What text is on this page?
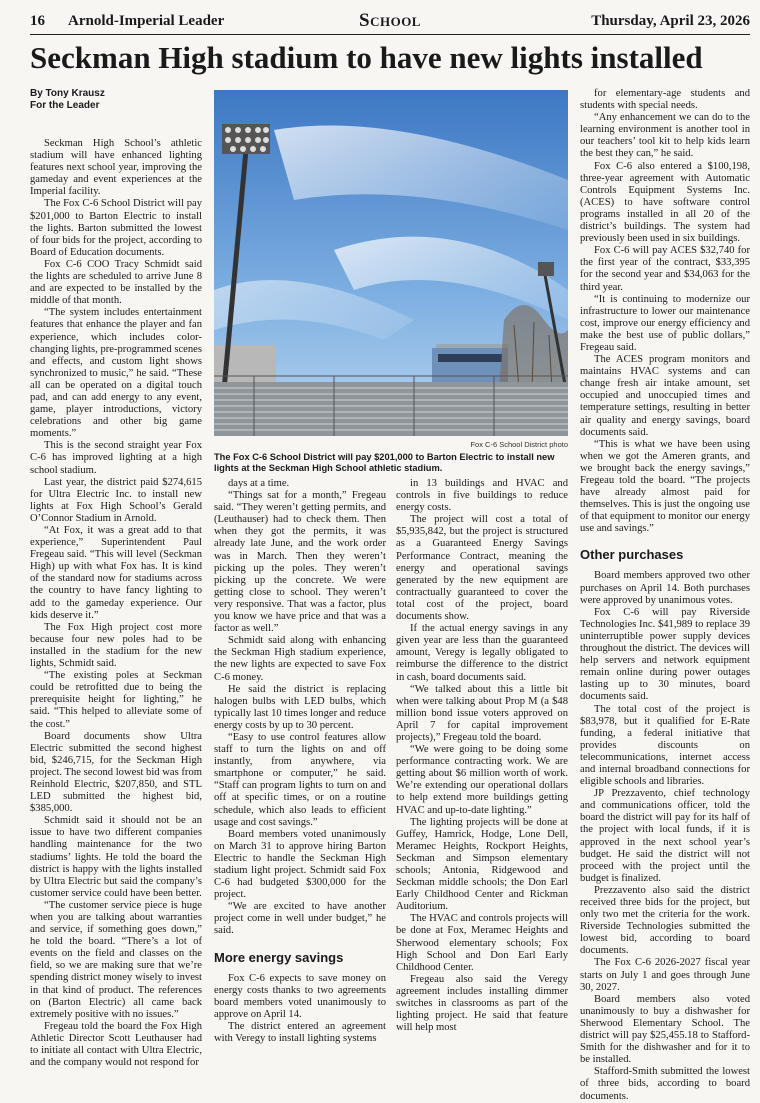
16 Arnold-Imperial Leader	School	Thursday, April 23, 2026
Seckman High stadium to have new lights installed
By Tony Krausz
For the Leader

Seckman High School’s athletic stadium will have enhanced lighting features next school year, improving the gameday and event experiences at the Imperial facility.

The Fox C-6 School District will pay $201,000 to Barton Electric to install the lights. Barton submitted the lowest of four bids for the project, according to Board of Education documents.

Fox C-6 COO Tracy Schmidt said the lights are scheduled to arrive June 8 and are expected to be installed by the middle of that month.

“The system includes entertainment features that enhance the player and fan experience, which includes color-changing lights, pre-programmed scenes and effects, and custom light shows synchronized to music,” he said. “These all can be operated on a digital touch pad, and can add energy to any event, game, player introductions, victory celebrations and other big game moments.”

This is the second straight year Fox C-6 has improved lighting at a high school stadium.

Last year, the district paid $274,615 for Ultra Electric Inc. to install new lights at Fox High School’s Gerald O’Connor Stadium in Arnold.

“At Fox, it was a great add to that experience,” Superintendent Paul Fregeau said. “This will level (Seckman High) up with what Fox has. It is kind of the standard now for stadiums across the country to have fancy lighting to add to the gameday experience. Our kids deserve it.”

The Fox High project cost more because four new poles had to be installed in the stadium for the new lights, Schmidt said.

“The existing poles at Seckman could be retrofitted due to being the prerequisite height for lighting,” he said. “This helped to alleviate some of the cost.”

Board documents show Ultra Electric submitted the second highest bid, $246,715, for the Seckman High project. The second lowest bid was from Reinhold Electric, $207,850, and STL LED submitted the highest bid, $385,000.

Schmidt said it should not be an issue to have two different companies handling maintenance for the two stadiums’ lights. He told the board the district is happy with the lights installed by Ultra Electric but said the company’s customer service could have been better.

“The customer service piece is huge when you are talking about warranties and service, if something goes down,” he told the board. “There’s a lot of events on the field and classes on the field, so we are making sure that we’re spending district money wisely to invest in that kind of product. The references on (Barton Electric) all came back extremely positive with no issues.”

Fregeau told the board the Fox High Athletic Director Scott Leuthauser had to initiate all contact with Ultra Electric, and the company would not respond for

Fox C-6 School District photo
The Fox C-6 School District will pay $201,000 to Barton Electric to install new lights at the Seckman High School athletic stadium.

days at a time.

“Things sat for a month,” Fregeau said. “They weren’t getting permits, and (Leuthauser) had to check them. Then when they got the permits, it was already late June, and the work order was in March. Then they weren’t picking up the poles. They weren’t picking up the concrete. We were getting close to school. They weren’t very responsive. That was a factor, plus you know we have price and that was a factor as well.”

Schmidt said along with enhancing the Seckman High stadium experience, the new lights are expected to save Fox C-6 money.

He said the district is replacing halogen bulbs with LED bulbs, which typically last 10 times longer and reduce energy costs by up to 30 percent.

“Easy to use control features allow staff to turn the lights on and off instantly, from anywhere, via smartphone or computer,” he said. “Staff can program lights to turn on and off at specific times, or on a routine schedule, which also leads to efficient usage and cost savings.”

Board members voted unanimously on March 31 to approve hiring Barton Electric to handle the Seckman High stadium light project. Schmidt said Fox C-6 had budgeted $300,000 for the project.

“We are excited to have another project come in well under budget,” he said.

More energy savings

Fox C-6 expects to save money on energy costs thanks to two agreements board members voted unanimously to approve on April 14.

The district entered an agreement with Veregy to install lighting systems

in 13 buildings and HVAC and controls in five buildings to reduce energy costs.

The project will cost a total of $5,935,842, but the project is structured as a Guaranteed Energy Savings Performance Contract, meaning the energy and operational savings generated by the new equipment are contractually guaranteed to cover the total cost of the project, board documents show.

If the actual energy savings in any given year are less than the guaranteed amount, Veregy is legally obligated to reimburse the difference to the district in cash, board documents said.

“We talked about this a little bit when were talking about Prop M (a $48 million bond issue voters approved on April 7 for capital improvement projects),” Fregeau told the board.

“We were going to be doing some performance contracting work. We are getting about $6 million worth of work. We’re extending our operational dollars to help extend more buildings getting HVAC and up-to-date lighting.”

The lighting projects will be done at Guffey, Hamrick, Hodge, Lone Dell, Meramec Heights, Rockport Heights, Seckman and Simpson elementary schools; Antonia, Ridgewood and Seckman middle schools; the Don Earl Early Childhood Center and Rickman Auditorium.

The HVAC and controls projects will be done at Fox, Meramec Heights and Sherwood elementary schools; Fox High School and Don Earl Early Childhood Center.

Fregeau also said the Veregy agreement includes installing dimmer switches in classrooms as part of the lighting project. He said that feature will help most

for elementary-age students and students with special needs.

“Any enhancement we can do to the learning environment is another tool in our teachers’ tool kit to help kids learn the best they can,” he said.

Fox C-6 also entered a $100,198, three-year agreement with Automatic Controls Equipment Systems Inc. (ACES) to have software control programs installed in all 20 of the district’s buildings. The system had previously been used in six buildings.

Fox C-6 will pay ACES $32,740 for the first year of the contract, $33,395 for the second year and $34,063 for the third year.

“It is continuing to modernize our infrastructure to lower our maintenance cost, improve our energy efficiency and make the best use of public dollars,” Fregeau said.

The ACES program monitors and maintains HVAC systems and can change fresh air intake amount, set occupied and unoccupied times and temperature settings, resulting in better air quality and energy savings, board documents said.

“This is what we have been using when we got the Ameren grants, and we brought back the energy savings,” Fregeau told the board. “The projects have already almost paid for themselves. This is just the ongoing use of that equipment to monitor our energy use and savings.”

Other purchases

Board members approved two other purchases on April 14. Both purchases were approved by unanimous votes.

Fox C-6 will pay Riverside Technologies Inc. $41,989 to replace 39 uninterruptible power supply devices throughout the district. The devices will help servers and network equipment remain online during power outages lasting up to 30 minutes, board documents said.

The total cost of the project is $83,978, but it qualified for E-Rate funding, a federal initiative that provides discounts on telecommunications, internet access and internal broadband connections for eligible schools and libraries.

JP Prezzavento, chief technology and communications officer, told the board the district will pay for its half of the project with local funds, if it is approved in the next school year’s budget. He said the district will not proceed with the project until the budget is finalized.

Prezzavento also said the district received three bids for the project, but only two met the criteria for the work. Riverside Technologies submitted the lowest bid, according to board documents.

The Fox C-6 2026-2027 fiscal year starts on July 1 and goes through June 30, 2027.

Board members also voted unanimously to buy a dishwasher for Sherwood Elementary School. The district will pay $25,455.18 to Stafford-Smith for the dishwasher and for it to be installed.

Stafford-Smith submitted the lowest of three bids, according to board documents.
